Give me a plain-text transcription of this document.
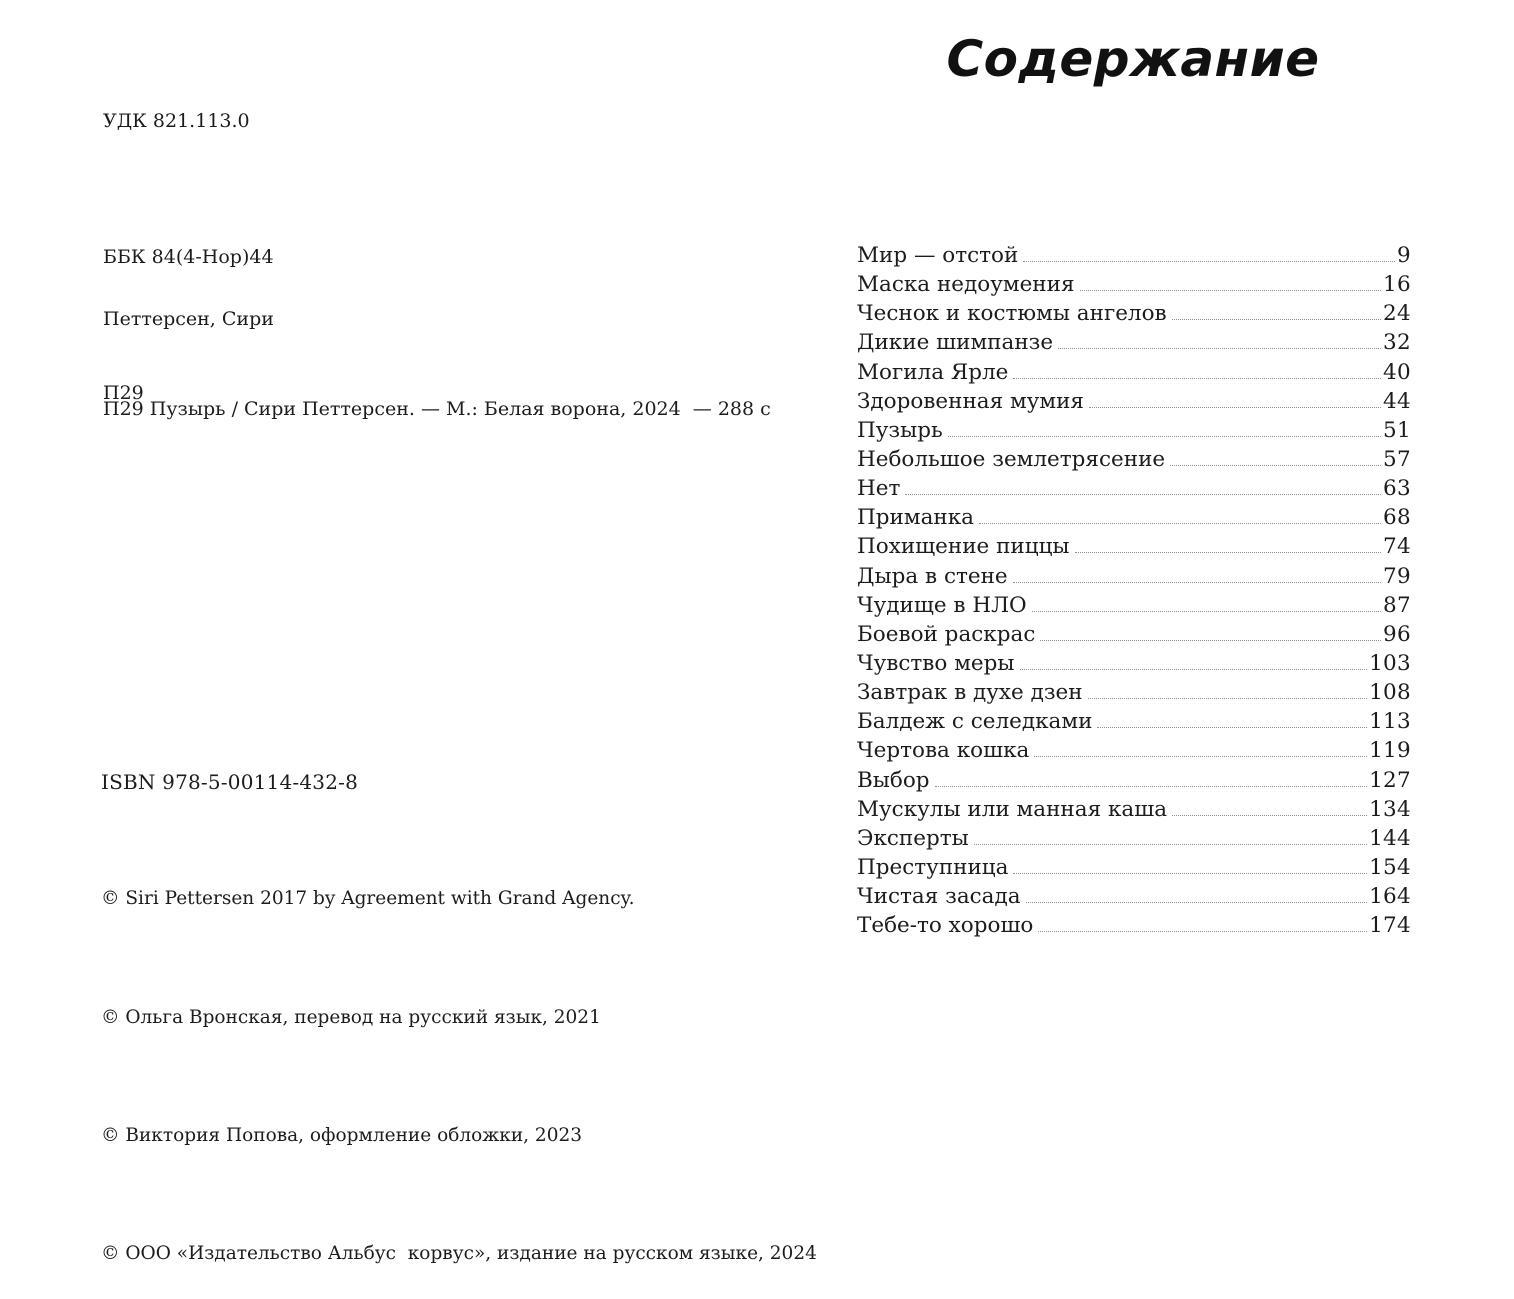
УДК 821.113.0

ББК 84(4-Нор)44

П29

Петтерсен, Сири

П29 Пузырь / Сири Петтерсен. — М.: Белая ворона, 2024  — 288 с

ISBN 978-5-00114-432-8

© Siri Pettersen 2017 by Agreement with Grand Agency.

© Ольга Вронская, перевод на русский язык, 2021

© Виктория Попова, оформление обложки, 2023

© ООО «Издательство Альбус  корвус», издание на русском языке, 2024

Содержание
Мир — отстой	9
Маска недоумения	16
Чеснок и костюмы ангелов	24
Дикие шимпанзе	32
Могила Ярле	40
Здоровенная мумия	44
Пузырь	51
Небольшое землетрясение	57
Нет	63
Приманка	68
Похищение пиццы	74
Дыра в стене	79
Чудище в НЛО	87
Боевой раскрас	96
Чувство меры	103
Завтрак в духе дзен	108
Балдеж с селедками	113
Чертова кошка	119
Выбор	127
Мускулы или манная каша	134
Эксперты	144
Преступница	154
Чистая засада	164
Тебе-то хорошо	174
